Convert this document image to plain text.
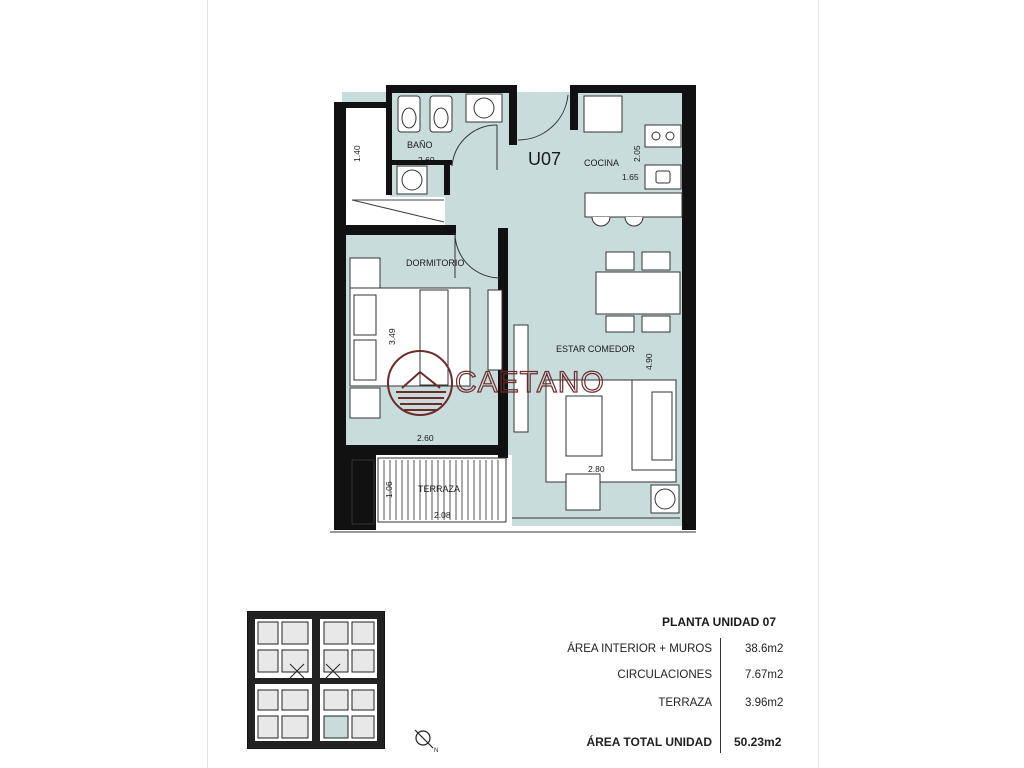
U07
BAÑO
COCINA
DORMITORIO
ESTAR COMEDOR
TERRAZA
2.60
1.40	2.05
1.65
3.49
2.60
4.90
2.80
1.06
2.08
CAETANO
N
PLANTA UNIDAD 07
ÁREA INTERIOR + MUROS	38.6m2
CIRCULACIONES	7.67m2
TERRAZA	3.96m2
ÁREA TOTAL UNIDAD 50.23m2
